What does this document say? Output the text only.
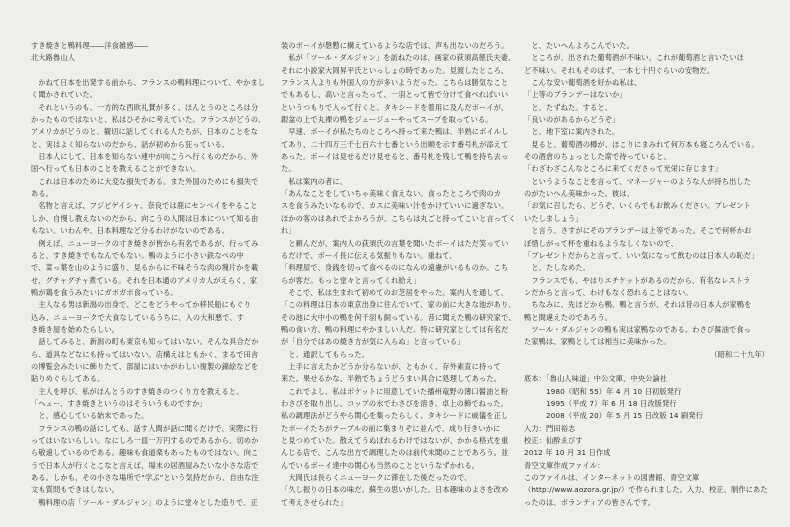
すき焼きと鴨料理――洋食雑感――

北大路魯山人

　かねて日本を出発する前から、フランスの鴨料理について、やかまし

く聞かされていた。

　それというのも、一方的な西欧礼賛が多く、ほんとうのところは分

かったものではないと、私はひそかに考えていた。フランスがどうの、

アメリカがどうのと、観切に話してくれる人たちが、日本のことをな

と、実はよく知らないのだから、話が初めから狂っている。

　日本人にして、日本を知らない連中が向こうへ行くものだから、外

国へ行っても日本のことを教えることができない。

　これは日本のために大変な損失である。また外国のためにも損失で

ある。

　名物と言えば、フジビゲイシャ、奈良では鹿にセンベイをやること

しか、自慢し教えないのだから、向こうの人間は日本について知る由

もない。いわんや、日本料理など分るわけがないのである。

　例えば、ニューヨークの寸き焼きが皆から有名であるが、行ってみ

ると、すき焼きでもなんでもない。鴨のように小さい鉄なべの中

で、菜っ葉を山のように盛り、見るからに不味そうな肉の塊片かを載

せ、グチャグチャ煮ている。それを日本通のアメリカ人がえらく、家

鴨が鶏を食うみたいにガボガボ食っている。

　主人なる男は新潟の出身で、どこをどうやってか移民船にもぐり

込み、ニューヨークで大食なしているうちに、入の大和悪で、す

き焼き屋を始めたらしい。

　話してみると、新潟の町も東京も知ってはいない。そんな具合だか

ら、道具などなにも持ってはいない。店構えはともかく、まるで田舎

の博覧会みたいに飾りたて、部屋にはいかがわしい復製の錦絵などを

貼りめぐらしてある。

　主人を呼び、私がほんとうのすき焼きのつくり方を教えると、

「へェー、すき焼きというのはそういうものですか」

　と、感心している始末であった。

　フランスの鴨の話にしても、話す人間が話に聞くだけで、実際に行

ってはいないらしい。なにしろ一皿一万円するのであるから、切めか

ら敬遠しているのである。趣味も食道楽もあったものではない。向こ

うで日本人が行くとこなと言えば、場末の居酒屋みたいな小さな店で

ある。しかも、その小さな場所で“学ぶ”という気持だから、自由な注

文も質問もできはしない。

　鴨料理の店「ツール・ダルジャン」のように堂々とした造りで、正

装のボーイが慇懃に構えているような店では、声も出ないのだろう。

　私が「ツール・ダルジャン」を訪ねたのは、画家の荻須高徳氏夫妻、

それに小説家大岡昇平氏といっしょの時であった。見渡したところ、

フランス人よりも外国人の方が多いようだった。こちらは勝気なこと

でもあるし、高いと言ったって、一羽とって皆で分けて食べればいい

というつもりで入って行くと、タキシードを着用に及んだボーイが、

銀盆の上で丸裸の鴨をジュージューやってスープを取っている。

　早速、ボーイが私たちのところへ持って来た鴨は、半熟にボイルし

てあり、二十四万三千七百六十七番という出順を示す番号札が添えて

あった。ボーイは見せるだけ見せると、番号札を残して鴨を持ち去っ

た。

　私は案内の者に、

「あんなことをしていちゃ美味く食えない。食ったところで肉のカ

スを食うみたいなもので、カスに美味い汁をかけていいに過ぎない。

ほかの客のはあれでよかろうが、こちらは丸ごと持ってこいと言ってく

れ」

　と頼んだが、案内人の荻須氏の言葉を聞いたボーイはただ笑ってい

るだけで、ボーイ長に伝える気振りもない。重ねて、

「料理屋で、身銭を切って食べるのになんの遠慮がいるものか。こち

らが客だ。もっと堂々と言ってくれ給え」

　そこで、私は生まれて初めてのお芝居をやった。案内人を通して、

「この料理は日本の東京出身に住んでいて、家の前に大きな池があり、

その池に大中小の鴨を何千羽も飼っている。昔に聞えた鴨の研究家で、

鴨の食い方、鴨の料理にやかましい人だ。特に研究家としては有名だ

が「自分ではあの焼き方が気に入らぬ」と言っている」

　と、通訳してもらった。

　上手に言えたかどうか分らないが、ともかく、存外素直に持って

来た。果せるかな、半熟でちょうどうまい具合に処理してあった。

　これでよし、私はポケットに用意していた播州竜野の薄口醤油と粉

わさびを取り出し、コップの水でわさびを溶き、卓上の飾でねった。

私の調理法がどうやら関心を集ったらしく、タキシードに威儀を正し

たボーイたちがテーブルの前に集まりぞに並んで、成り行きいかに

と見つめていた。散えてうぬぼれるわけではないが、かかる格式を重

んじる店で、こんな出方で調理したのは前代未聞のことであろう。並

んでいるボーイ達中の関心も当然のことというなずかれる。

　大岡氏は長らくニューヨークに滞在した後だったので、

「久し振りの日本の味だ。蘇生の思いがした。日本趣味のよさを改め

て考えさせられた」

　と、たいへんよろこんでいた。

　ところが、出された葡萄酒が不味い。これが葡萄酒と言いたいほ

ど不味い。それもそのはず、一本七十円ぐらいの安物だ。

　こんな安い葡萄酒を好かぬ私は、

「上等のブランデーはないか」

　と、たずねた。すると、

「良いのがあるからどうぞ」

　と、地下室に案内された。

　見ると、葡萄酒の樽が、ほこりにまみれて何万本も寝ころんでいる。

その酒倉のちょっとした席で待っていると、

「わざわざこんなところに来てくださって光栄に存じます」

　というようなことを言って、マネージャーのような人が持ち出した

のがたいへん美味かった。彼は、

「お気に召したら、どうぞ、いくらでもお飲みください。プレゼント

いたしましょう」

　と言う。さすがにそのブランデーは上等であった。そこで何杯かお

ぼ惜しがって杯を重ねるようなしくないので、

「プレゼントだからと言って、いい気になって飲むのは日本人の恥だ」

　と、たしなめた。

　フランスでも、やはりエチケットがあるのだから、有名なレストラ

ンだからと言って、わけもなく恐れることはない。

　ちなみに、先ほどから鴨、鴨と言うが、それは昔の日本人が家鴨を

鴨と間違えたのであろう。

　ツール・ダルジャンの鴨も実は家鴨なのである。わさび醤油で食っ

た家鴨は、家鴨としては相当に美味かった。

（昭和二十九年）

底本：「魯山人味道」中公文庫、中央公論社

　　　1980（昭和 55）年 4 月 10 日初版発行

　　　1995（平成 7）年 6 月 18 日改版発行

　　　2008（平成 20）年 5 月 15 日改版 14 刷発行

入力：門田裕志

校正：仙酔ゑびす

2012 年 10 月 31 日作成

青空文庫作成ファイル：

このファイルは、インターネットの図書館、青空文庫

（http://www.aozora.gr.jp/）で作られました。入力、校正、制作にあた

ったのは、ボランティアの皆さんです。
